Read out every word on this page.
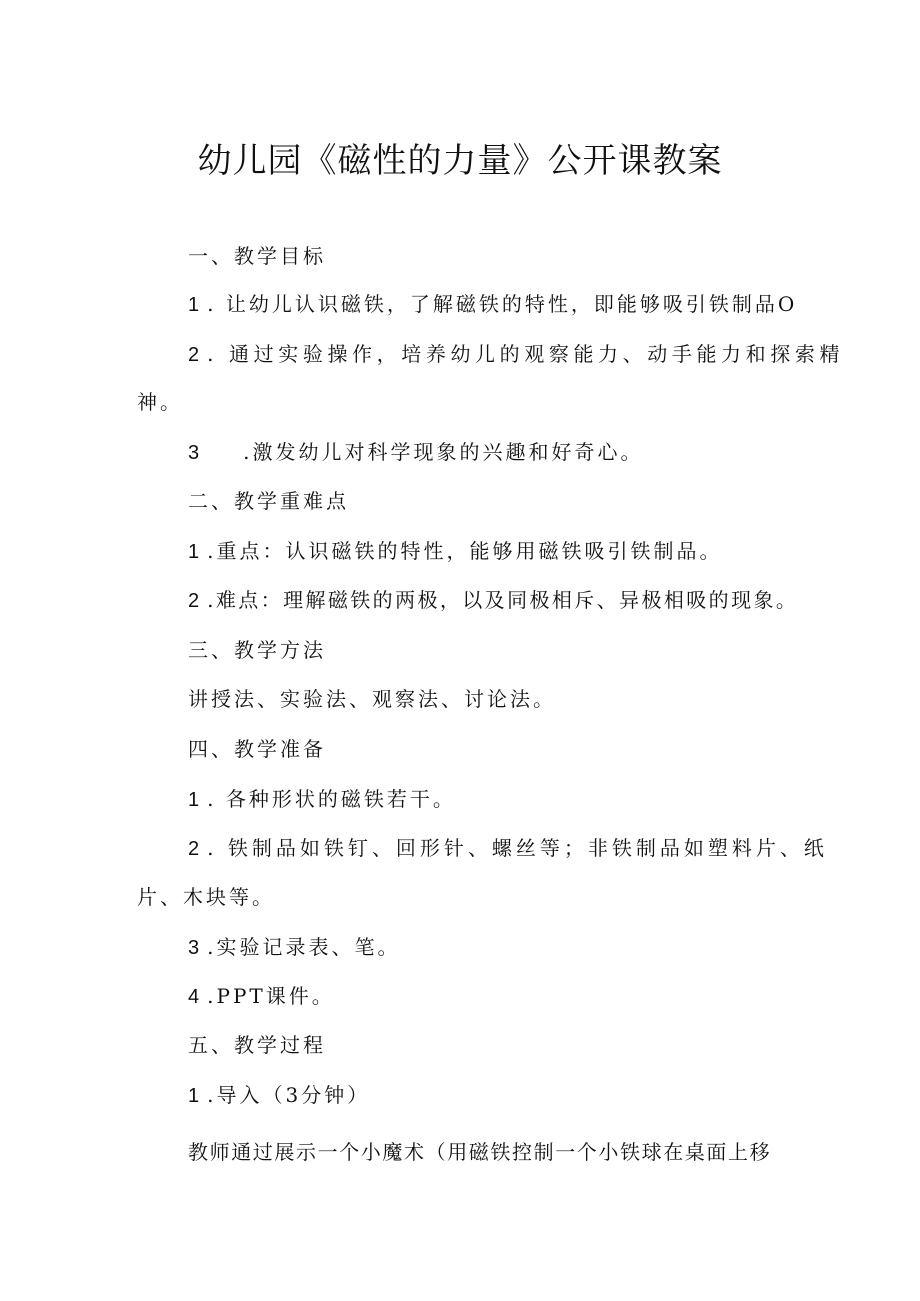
幼儿园《磁性的力量》公开课教案
一、教学目标
1 . 让幼儿认识磁铁，了解磁铁的特性，即能够吸引铁制品O
2 . 通过实验操作，培养幼儿的观察能力、动手能力和探索精
神。
3 .激发幼儿对科学现象的兴趣和好奇心。
二、教学重难点
1 .重点：认识磁铁的特性，能够用磁铁吸引铁制品。
2 .难点：理解磁铁的两极，以及同极相斥、异极相吸的现象。
三、教学方法
讲授法、实验法、观察法、讨论法。
四、教学准备
1 . 各种形状的磁铁若干。
2 . 铁制品如铁钉、回形针、螺丝等；非铁制品如塑料片、纸
片、木块等。
3 .实验记录表、笔。
4 .PPT课件。
五、教学过程
1 .导入（3分钟）
教师通过展示一个小魔术（用磁铁控制一个小铁球在桌面上移
